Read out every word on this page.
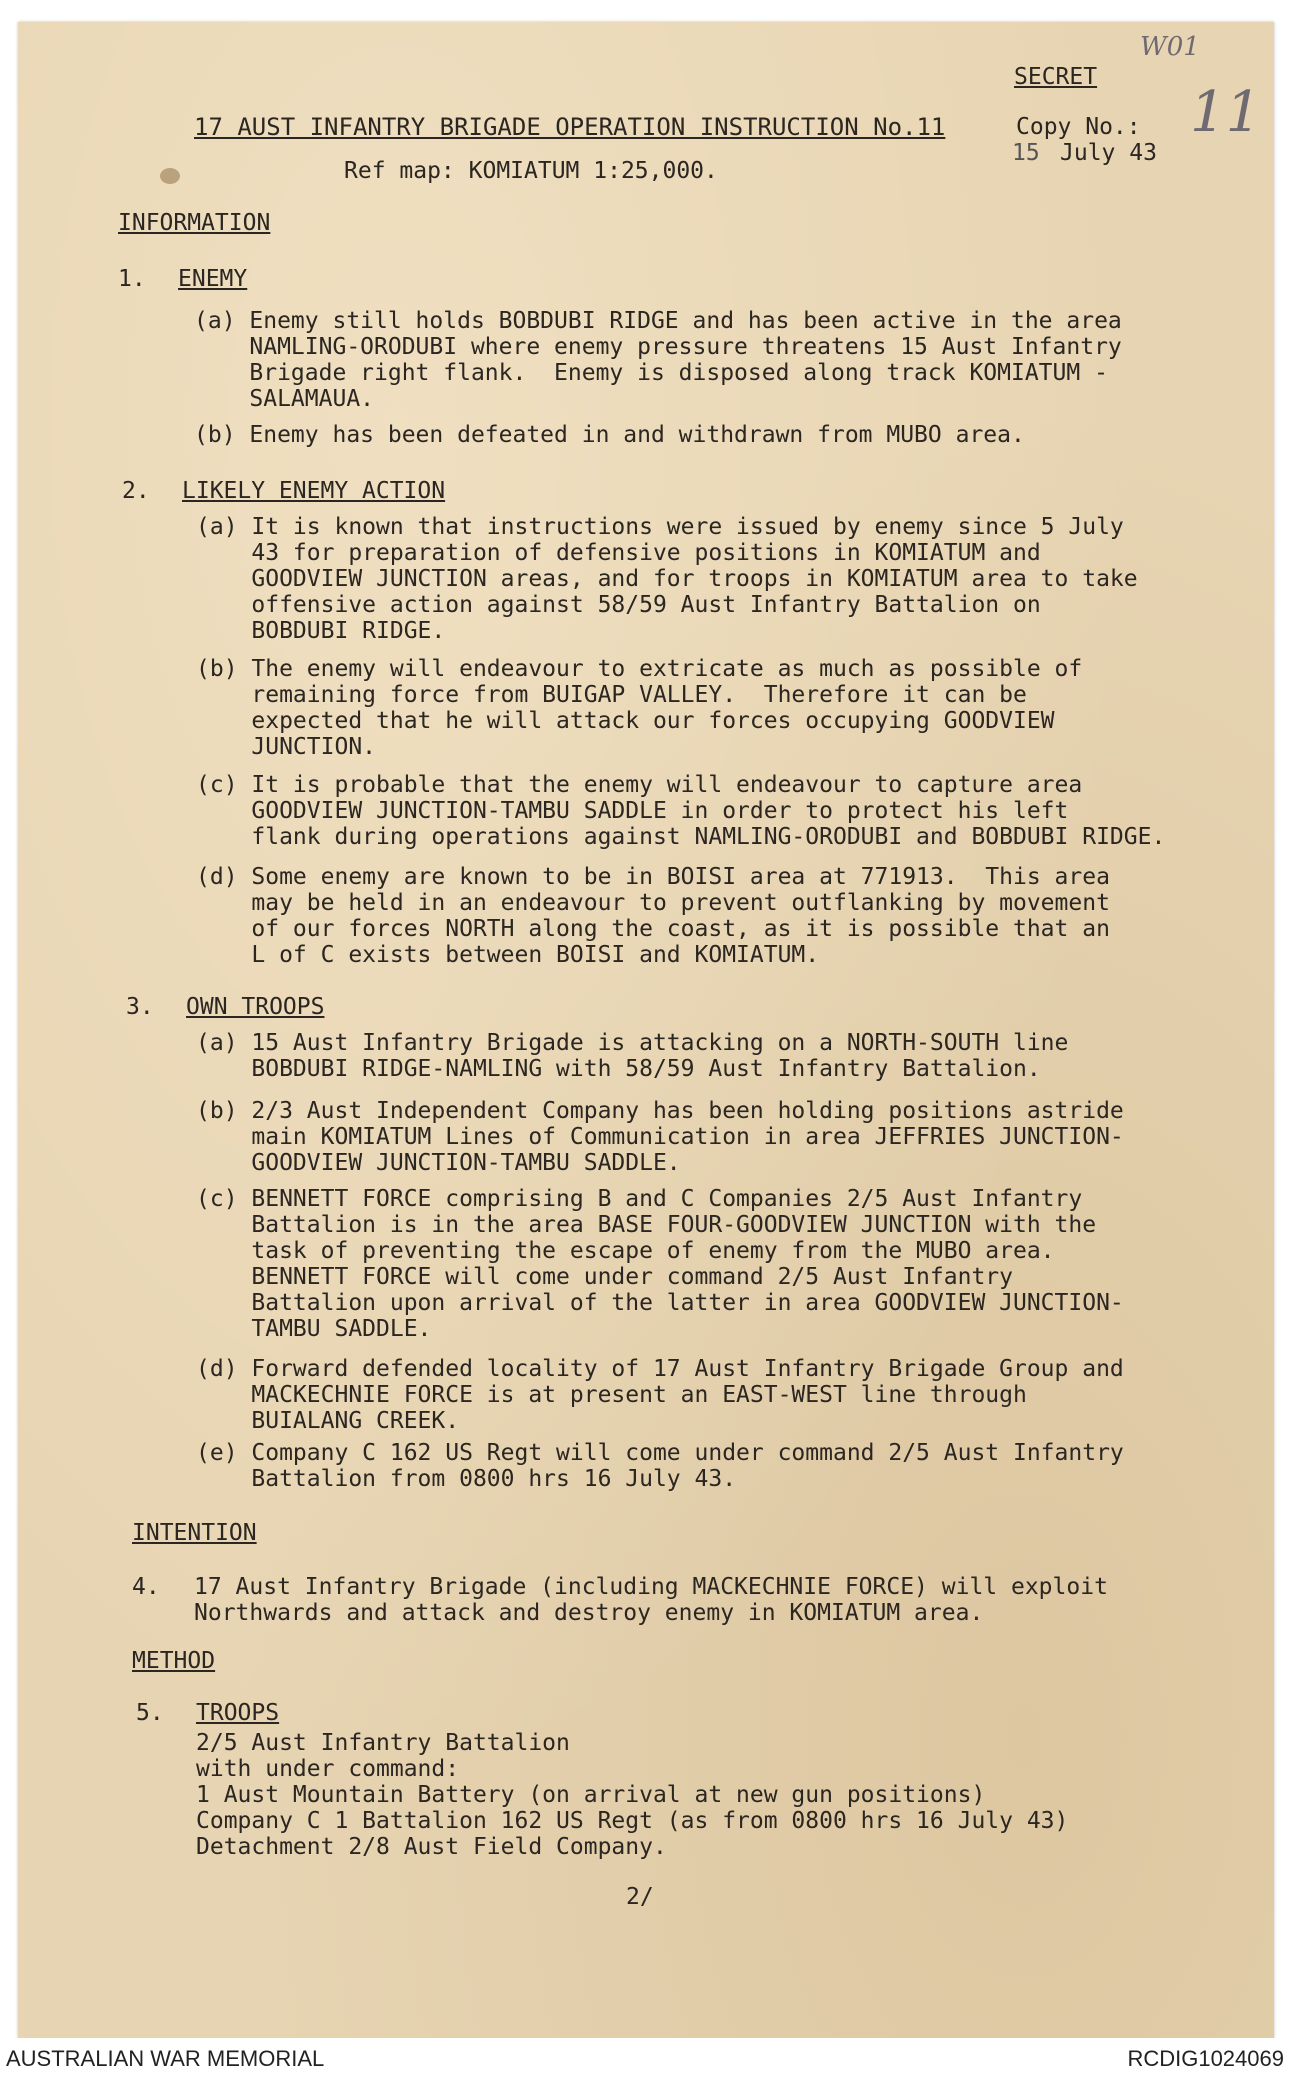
W01
SECRET
17 AUST INFANTRY BRIGADE OPERATION INSTRUCTION No.11	Copy No.: 11
15 July 43
Ref map: KOMIATUM 1:25,000.
INFORMATION
1. ENEMY
(a) Enemy still holds BOBDUBI RIDGE and has been active in the area
NAMLING-ORODUBI where enemy pressure threatens 15 Aust Infantry
Brigade right flank.  Enemy is disposed along track KOMIATUM -
SALAMAUA.
(b) Enemy has been defeated in and withdrawn from MUBO area.
2. LIKELY ENEMY ACTION
(a) It is known that instructions were issued by enemy since 5 July
43 for preparation of defensive positions in KOMIATUM and
GOODVIEW JUNCTION areas, and for troops in KOMIATUM area to take
offensive action against 58/59 Aust Infantry Battalion on
BOBDUBI RIDGE.
(b) The enemy will endeavour to extricate as much as possible of
remaining force from BUIGAP VALLEY.  Therefore it can be
expected that he will attack our forces occupying GOODVIEW
JUNCTION.
(c) It is probable that the enemy will endeavour to capture area
GOODVIEW JUNCTION-TAMBU SADDLE in order to protect his left
flank during operations against NAMLING-ORODUBI and BOBDUBI RIDGE.
(d) Some enemy are known to be in BOISI area at 771913.  This area
may be held in an endeavour to prevent outflanking by movement
of our forces NORTH along the coast, as it is possible that an
L of C exists between BOISI and KOMIATUM.
3. OWN TROOPS
(a) 15 Aust Infantry Brigade is attacking on a NORTH-SOUTH line
BOBDUBI RIDGE-NAMLING with 58/59 Aust Infantry Battalion.
(b) 2/3 Aust Independent Company has been holding positions astride
main KOMIATUM Lines of Communication in area JEFFRIES JUNCTION-
GOODVIEW JUNCTION-TAMBU SADDLE.
(c) BENNETT FORCE comprising B and C Companies 2/5 Aust Infantry
Battalion is in the area BASE FOUR-GOODVIEW JUNCTION with the
task of preventing the escape of enemy from the MUBO area.
BENNETT FORCE will come under command 2/5 Aust Infantry
Battalion upon arrival of the latter in area GOODVIEW JUNCTION-
TAMBU SADDLE.
(d) Forward defended locality of 17 Aust Infantry Brigade Group and
MACKECHNIE FORCE is at present an EAST-WEST line through
BUIALANG CREEK.
(e) Company C 162 US Regt will come under command 2/5 Aust Infantry
Battalion from 0800 hrs 16 July 43.
INTENTION
4. 17 Aust Infantry Brigade (including MACKECHNIE FORCE) will exploit
Northwards and attack and destroy enemy in KOMIATUM area.
METHOD
5. TROOPS
2/5 Aust Infantry Battalion
with under command:
1 Aust Mountain Battery (on arrival at new gun positions)
Company C 1 Battalion 162 US Regt (as from 0800 hrs 16 July 43)
Detachment 2/8 Aust Field Company.
2/
AUSTRALIAN WAR MEMORIAL	RCDIG1024069
